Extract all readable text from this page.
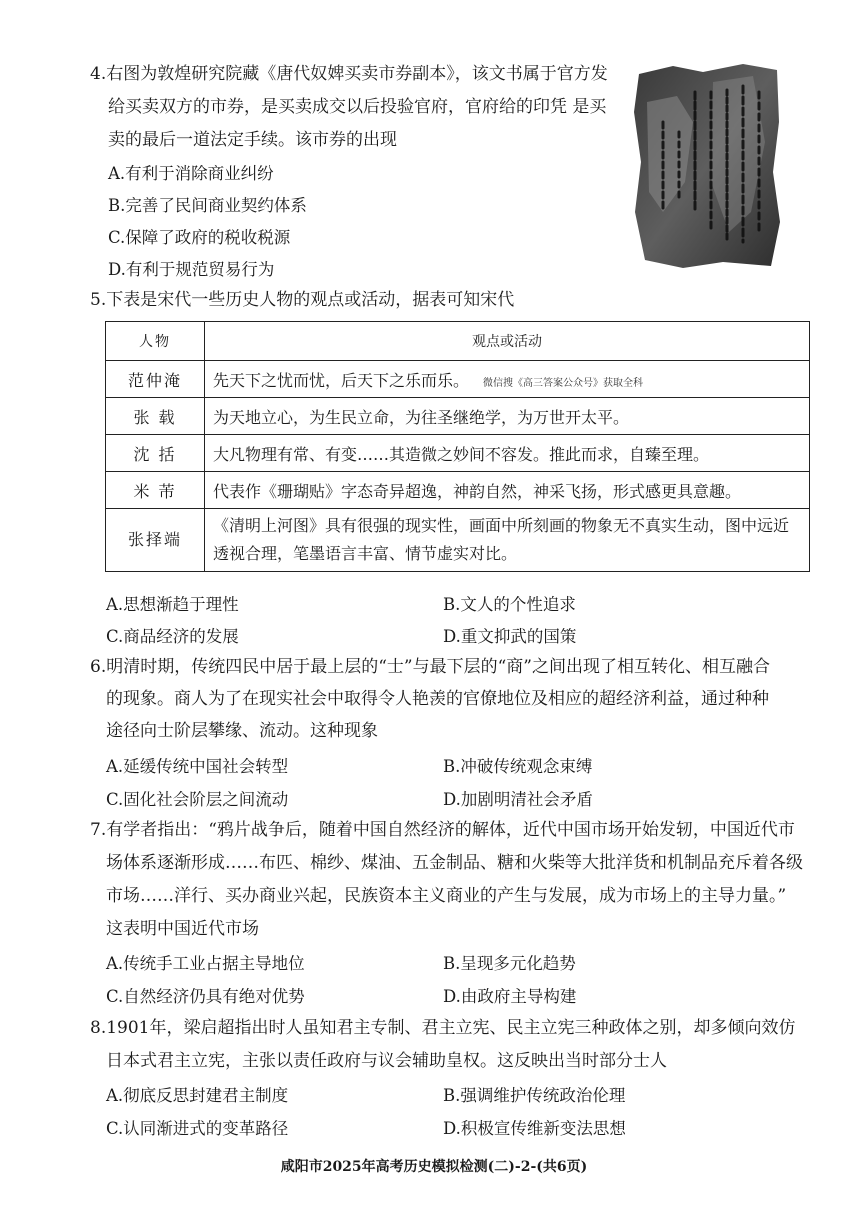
4.右图为敦煌研究院藏《唐代奴婢买卖市券副本》，该文书属于官方发
给买卖双方的市券，是买卖成交以后投验官府，官府给的印凭 是买
卖的最后一道法定手续。该市券的出现
A.有利于消除商业纠纷
B.完善了民间商业契约体系
C.保障了政府的税收税源
D.有利于规范贸易行为
5.下表是宋代一些历史人物的观点或活动，据表可知宋代
人物	观点或活动
范仲淹	先天下之忧而忧，后天下之乐而乐。 微信搜《高三答案公众号》获取全科
张 载	为天地立心，为生民立命，为往圣继绝学，为万世开太平。
沈 括	大凡物理有常、有变……其造微之妙间不容发。推此而求，自臻至理。
米 芾	代表作《珊瑚贴》字态奇异超逸，神韵自然，神采飞扬，形式感更具意趣。
张择端	《清明上河图》具有很强的现实性，画面中所刻画的物象无不真实生动，图中远近透视合理，笔墨语言丰富、情节虚实对比。
A.思想渐趋于理性	B.文人的个性追求
C.商品经济的发展	D.重文抑武的国策
6.明清时期，传统四民中居于最上层的“士”与最下层的“商”之间出现了相互转化、相互融合
的现象。商人为了在现实社会中取得令人艳羡的官僚地位及相应的超经济利益，通过种种
途径向士阶层攀缘、流动。这种现象
A.延缓传统中国社会转型	B.冲破传统观念束缚
C.固化社会阶层之间流动	D.加剧明清社会矛盾
7.有学者指出：“鸦片战争后，随着中国自然经济的解体，近代中国市场开始发轫，中国近代市
场体系逐渐形成……布匹、棉纱、煤油、五金制品、糖和火柴等大批洋货和机制品充斥着各级
市场……洋行、买办商业兴起，民族资本主义商业的产生与发展，成为市场上的主导力量。”
这表明中国近代市场
A.传统手工业占据主导地位	B.呈现多元化趋势
C.自然经济仍具有绝对优势	D.由政府主导构建
8.1901年，梁启超指出时人虽知君主专制、君主立宪、民主立宪三种政体之别，却多倾向效仿
日本式君主立宪，主张以责任政府与议会辅助皇权。这反映出当时部分士人
A.彻底反思封建君主制度	B.强调维护传统政治伦理
C.认同渐进式的变革路径	D.积极宣传维新变法思想
咸阳市2025年高考历史模拟检测(二)-2-(共6页)
